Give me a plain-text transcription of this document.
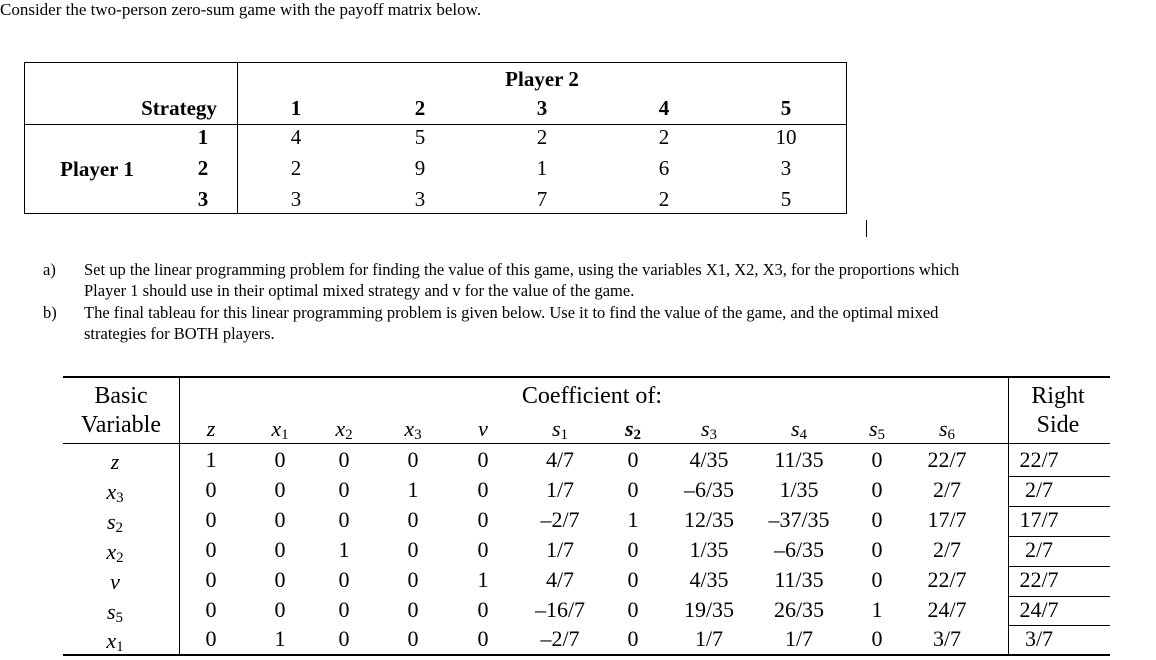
Consider the two-person zero-sum game with the payoff matrix below.
Player 2
Strategy
Player 1
1	2	3	4	5
1	4	5	2	2	10
2	2	9	1	6	3
3	3	3	7	2	5
a) Set up the linear programming problem for finding the value of this game, using the variables X1, X2, X3, for the proportions which
Player 1 should use in their optimal mixed strategy and v for the value of the game.
b) The final tableau for this linear programming problem is given below. Use it to find the value of the game, and the optimal mixed
strategies for BOTH players.
Basic
Variable
Coefficient of:	Right
Side
z	$x_1$ $x_2$ $x_3$	v	$s_1$	$s_2$	$s_3$	$s_4$	$s_5$ $s_6$
z	1	0 0	0	0	4/7 0 4/35 11/35 0 22/7 22/7
$x_3$	0	0 0	1	0	1/7 0 –6/35 1/35 0 2/7	2/7
$s_2$	0	0 0	0	0 –2/7 1 12/35 –37/35 0 17/7 17/7
$x_2$	0	0 1	0	0	1/7 0 1/35 –6/35 0 2/7	2/7
v	0	0 0	0	1	4/7 0 4/35 11/35 0 22/7 22/7
$s_5$	0	0 0	0	0 –16/7 0 19/35 26/35 1 24/7 24/7
$x_1$	0	1 0	0	0 –2/7 0	1/7	1/7	0 3/7	3/7
